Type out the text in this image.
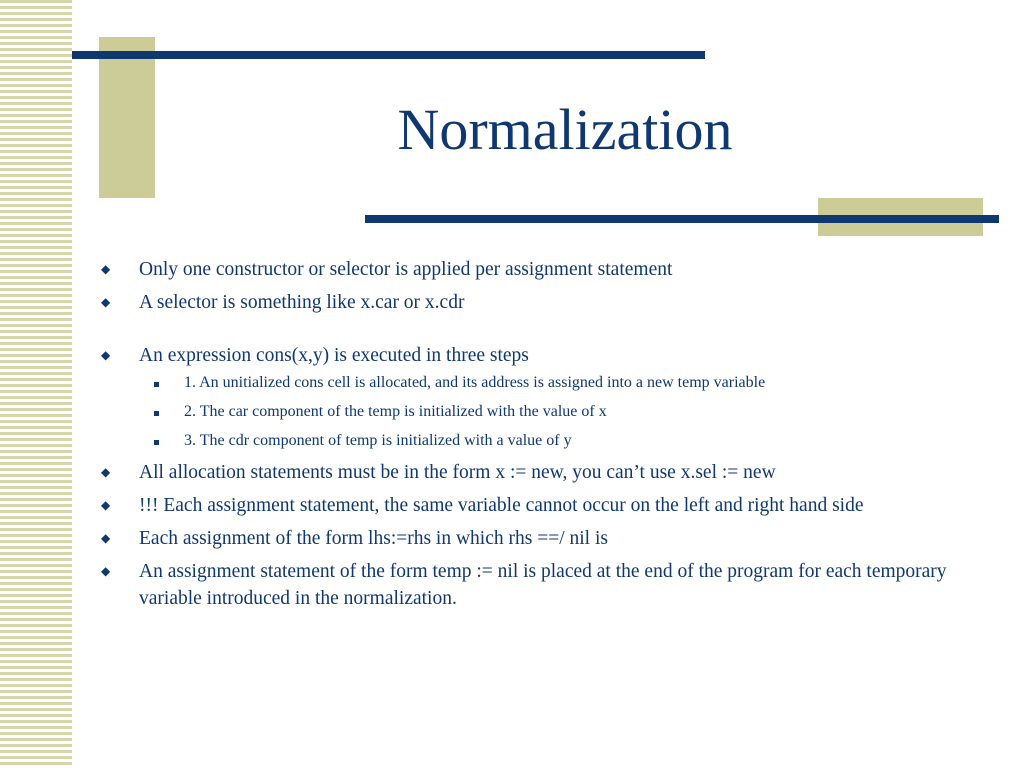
Normalization
◆ Only one constructor or selector is applied per assignment statement
◆ A selector is something like x.car or x.cdr
◆ An expression cons(x,y) is executed in three steps
1. An unitialized cons cell is allocated, and its address is assigned into a new temp variable
2. The car component of the temp is initialized with the value of x
3. The cdr component of temp is initialized with a value of y
◆ All allocation statements must be in the form x := new, you can’t use x.sel := new
◆ !!! Each assignment statement, the same variable cannot occur on the left and right hand side
◆ Each assignment of the form lhs:=rhs in which rhs ==/ nil is
◆ An assignment statement of the form temp := nil is placed at the end of the program for each temporary variable introduced in the normalization.
